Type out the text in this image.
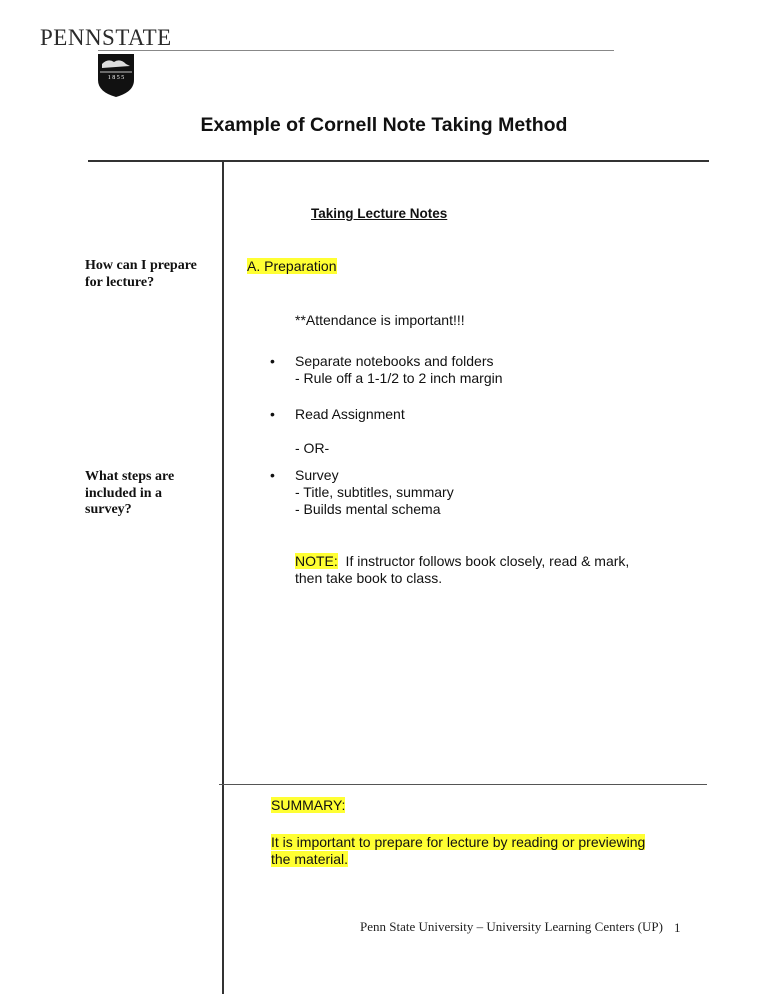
PENNSTATE
1 8 5 5
Example of Cornell Note Taking Method
Taking Lecture Notes
How can I prepare for lecture?
What steps are included in a survey?
A. Preparation
**Attendance is important!!!
• Separate notebooks and folders
- Rule off a 1-1/2 to 2 inch margin
• Read Assignment
- OR-
• Survey
- Title, subtitles, summary
- Builds mental schema
NOTE:  If instructor follows book closely, read & mark,
then take book to class.
SUMMARY:
It is important to prepare for lecture by reading or previewing
the material.
Penn State University – University Learning Centers (UP) 1
